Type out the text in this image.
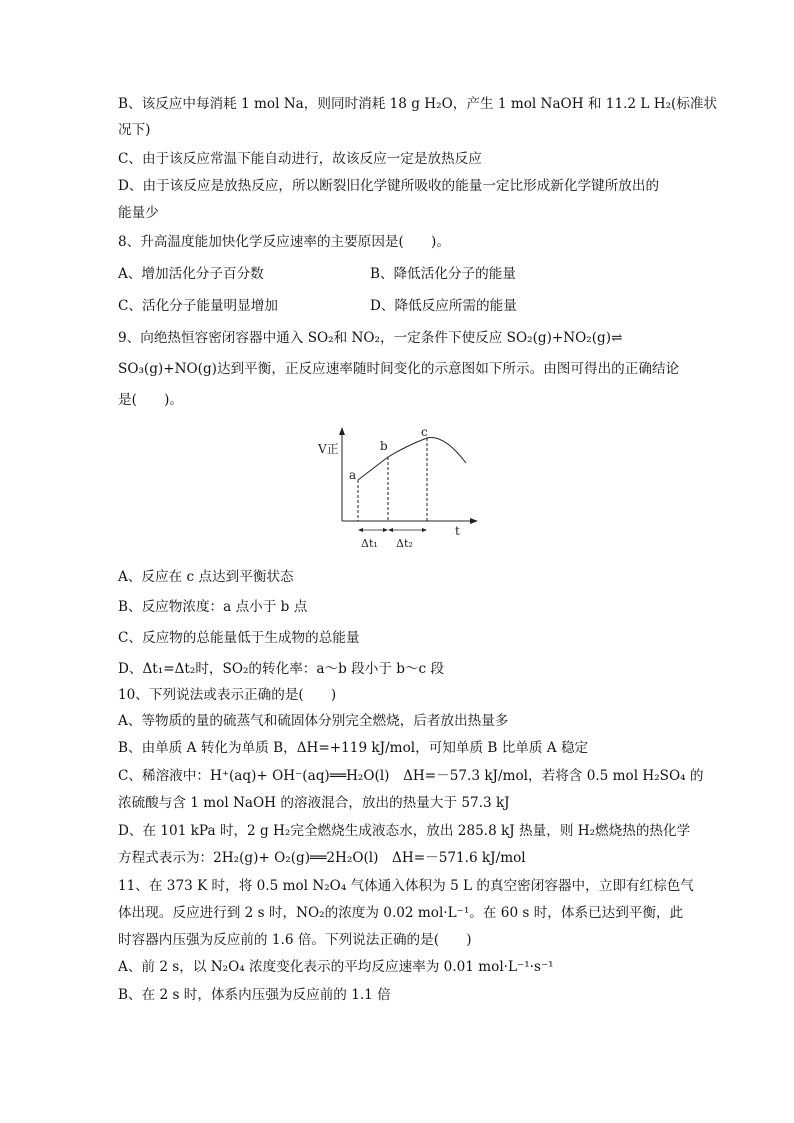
B、该反应中每消耗 1 mol Na，则同时消耗 18 g H₂O，产生 1 mol NaOH 和 11.2 L H₂(标准状
况下)
C、由于该反应常温下能自动进行，故该反应一定是放热反应
D、由于该反应是放热反应，所以断裂旧化学键所吸收的能量一定比形成新化学键所放出的
能量少
8、升高温度能加快化学反应速率的主要原因是(　　)。
A、增加活化分子百分数	B、降低活化分子的能量
C、活化分子能量明显增加	D、降低反应所需的能量
9、向绝热恒容密闭容器中通入 SO₂和 NO₂，一定条件下使反应 SO₂(g)+NO₂(g)⇌
SO₃(g)+NO(g)达到平衡，正反应速率随时间变化的示意图如下所示。由图可得出的正确结论
是(　　)。
V正
t
a
b
c
Δt₁ Δt₂
A、反应在 c 点达到平衡状态
B、反应物浓度：a 点小于 b 点
C、反应物的总能量低于生成物的总能量
D、Δt₁=Δt₂时，SO₂的转化率：a～b 段小于 b～c 段
10、下列说法或表示正确的是(　　)
A、等物质的量的硫蒸气和硫固体分别完全燃烧，后者放出热量多
B、由单质 A 转化为单质 B，ΔH=+119 kJ/mol，可知单质 B 比单质 A 稳定
C、稀溶液中：H⁺(aq)+ OH⁻(aq)══H₂O(l)　ΔH=－57.3 kJ/mol，若将含 0.5 mol H₂SO₄ 的
浓硫酸与含 1 mol NaOH 的溶液混合，放出的热量大于 57.3 kJ
D、在 101 kPa 时，2 g H₂完全燃烧生成液态水，放出 285.8 kJ 热量，则 H₂燃烧热的热化学
方程式表示为：2H₂(g)+ O₂(g)══2H₂O(l)　ΔH=－571.6 kJ/mol
11、在 373 K 时，将 0.5 mol N₂O₄ 气体通入体积为 5 L 的真空密闭容器中，立即有红棕色气
体出现。反应进行到 2 s 时，NO₂的浓度为 0.02 mol·L⁻¹。在 60 s 时，体系已达到平衡，此
时容器内压强为反应前的 1.6 倍。下列说法正确的是(　　)
A、前 2 s，以 N₂O₄ 浓度变化表示的平均反应速率为 0.01 mol·L⁻¹·s⁻¹
B、在 2 s 时，体系内压强为反应前的 1.1 倍
